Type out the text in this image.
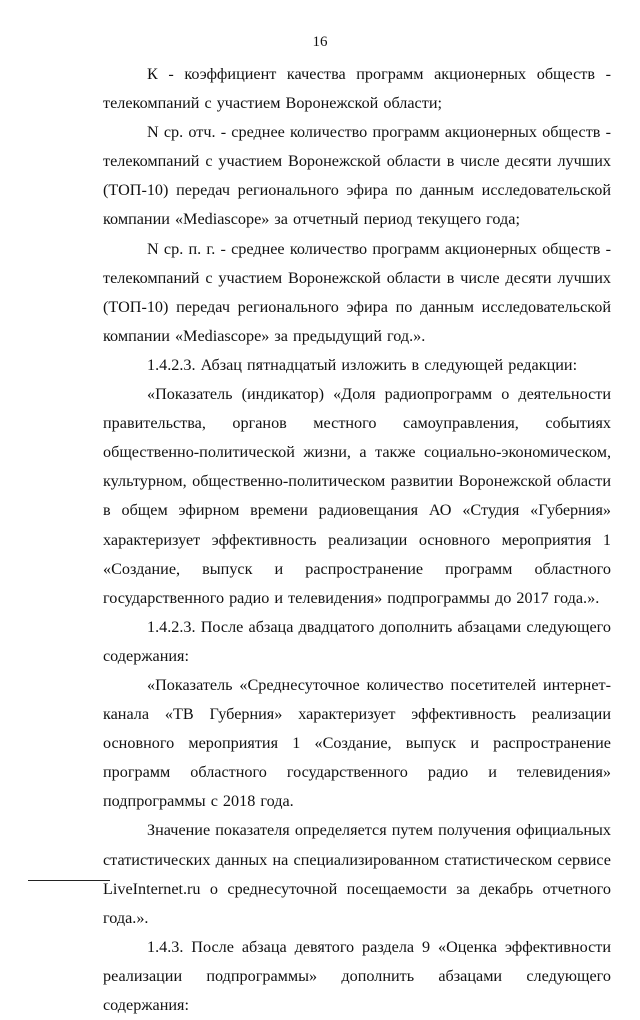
16

К - коэффициент качества программ акционерных обществ - телекомпаний с участием Воронежской области;

N ср. отч. - среднее количество программ акционерных обществ - телекомпаний с участием Воронежской области в числе десяти лучших (ТОП-10) передач регионального эфира по данным исследовательской компании «Mediascope» за отчетный период текущего года;

N ср. п. г. - среднее количество программ акционерных обществ - телекомпаний с участием Воронежской области в числе десяти лучших (ТОП-10) передач регионального эфира по данным исследовательской компании «Mediascope» за предыдущий год.».

1.4.2.3. Абзац пятнадцатый изложить в следующей редакции:

«Показатель (индикатор) «Доля радиопрограмм о деятельности правительства, органов местного самоуправления, событиях общественно-политической жизни, а также социально-экономическом, культурном, общественно-политическом развитии Воронежской области в общем эфирном времени радиовещания АО «Студия «Губерния» характеризует эффективность реализации основного мероприятия 1 «Создание, выпуск и распространение программ областного государственного радио и телевидения» подпрограммы до 2017 года.».

1.4.2.3. После абзаца двадцатого дополнить абзацами следующего содержания:

«Показатель «Среднесуточное количество посетителей интернет-канала «ТВ Губерния» характеризует эффективность реализации основного мероприятия 1 «Создание, выпуск и распространение программ областного государственного радио и телевидения» подпрограммы с 2018 года.

Значение показателя определяется путем получения официальных статистических данных на специализированном статистическом сервисе LiveInternet.ru о среднесуточной посещаемости за декабрь отчетного года.».

1.4.3. После абзаца девятого раздела 9 «Оценка эффективности реализации подпрограммы» дополнить абзацами следующего содержания:
